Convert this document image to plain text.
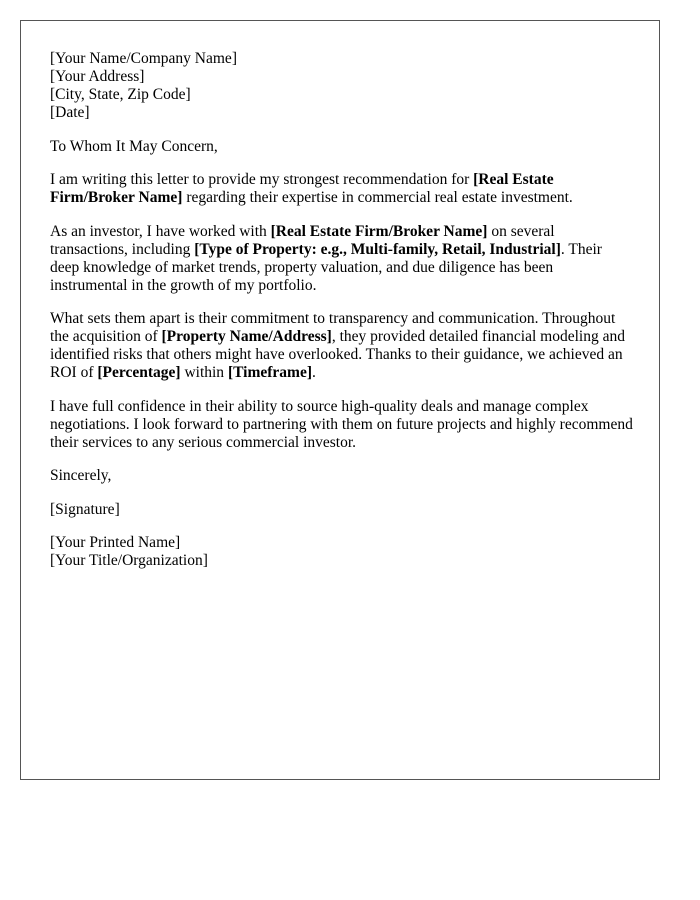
[Your Name/Company Name]
[Your Address]
[City, State, Zip Code]
[Date]
To Whom It May Concern,

I am writing this letter to provide my strongest recommendation for [Real Estate Firm/Broker Name] regarding their expertise in commercial real estate investment.

As an investor, I have worked with [Real Estate Firm/Broker Name] on several transactions, including [Type of Property: e.g., Multi-family, Retail, Industrial]. Their deep knowledge of market trends, property valuation, and due diligence has been instrumental in the growth of my portfolio.

What sets them apart is their commitment to transparency and communication. Throughout the acquisition of [Property Name/Address], they provided detailed financial modeling and identified risks that others might have overlooked. Thanks to their guidance, we achieved an ROI of [Percentage] within [Timeframe].

I have full confidence in their ability to source high-quality deals and manage complex negotiations. I look forward to partnering with them on future projects and highly recommend their services to any serious commercial investor.

Sincerely,
[Signature]
[Your Printed Name]
[Your Title/Organization]
